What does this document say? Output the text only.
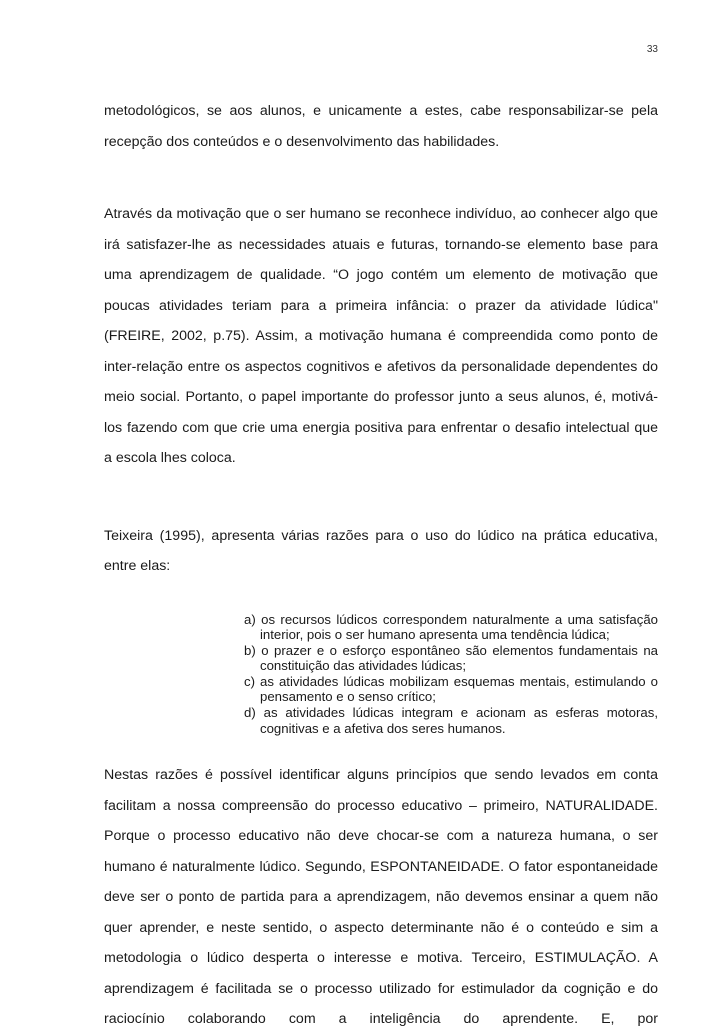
33

metodológicos, se aos alunos, e unicamente a estes, cabe responsabilizar-se pela recepção dos conteúdos e o desenvolvimento das habilidades.

Através da motivação que o ser humano se reconhece indivíduo, ao conhecer algo que irá satisfazer-lhe as necessidades atuais e futuras, tornando-se elemento base para uma aprendizagem de qualidade. “O jogo contém um elemento de motivação que poucas atividades teriam para a primeira infância: o prazer da atividade lúdica" (FREIRE, 2002, p.75). Assim, a motivação humana é compreendida como ponto de inter-relação entre os aspectos cognitivos e afetivos da personalidade dependentes do meio social. Portanto, o papel importante do professor junto a seus alunos, é, motivá-los fazendo com que crie uma energia positiva para enfrentar o desafio intelectual que a escola lhes coloca.

Teixeira (1995), apresenta várias razões para o uso do lúdico na prática educativa, entre elas:

a) os recursos lúdicos correspondem naturalmente a uma satisfação interior, pois o ser humano apresenta uma tendência lúdica;

b) o prazer e o esforço espontâneo são elementos fundamentais na constituição das atividades lúdicas;

c) as atividades lúdicas mobilizam esquemas mentais, estimulando o pensamento e o senso crítico;

d) as atividades lúdicas integram e acionam as esferas motoras, cognitivas e a afetiva dos seres humanos.

Nestas razões é possível identificar alguns princípios que sendo levados em conta facilitam a nossa compreensão do processo educativo – primeiro, NATURALIDADE. Porque o processo educativo não deve chocar-se com a natureza humana, o ser humano é naturalmente lúdico. Segundo, ESPONTANEIDADE. O fator espontaneidade deve ser o ponto de partida para a aprendizagem, não devemos ensinar a quem não quer aprender, e neste sentido, o aspecto determinante não é o conteúdo e sim a metodologia o lúdico desperta o interesse e motiva. Terceiro, ESTIMULAÇÃO. A aprendizagem é facilitada se o processo utilizado for estimulador da cognição e do raciocínio colaborando com a inteligência do aprendente. E, por
